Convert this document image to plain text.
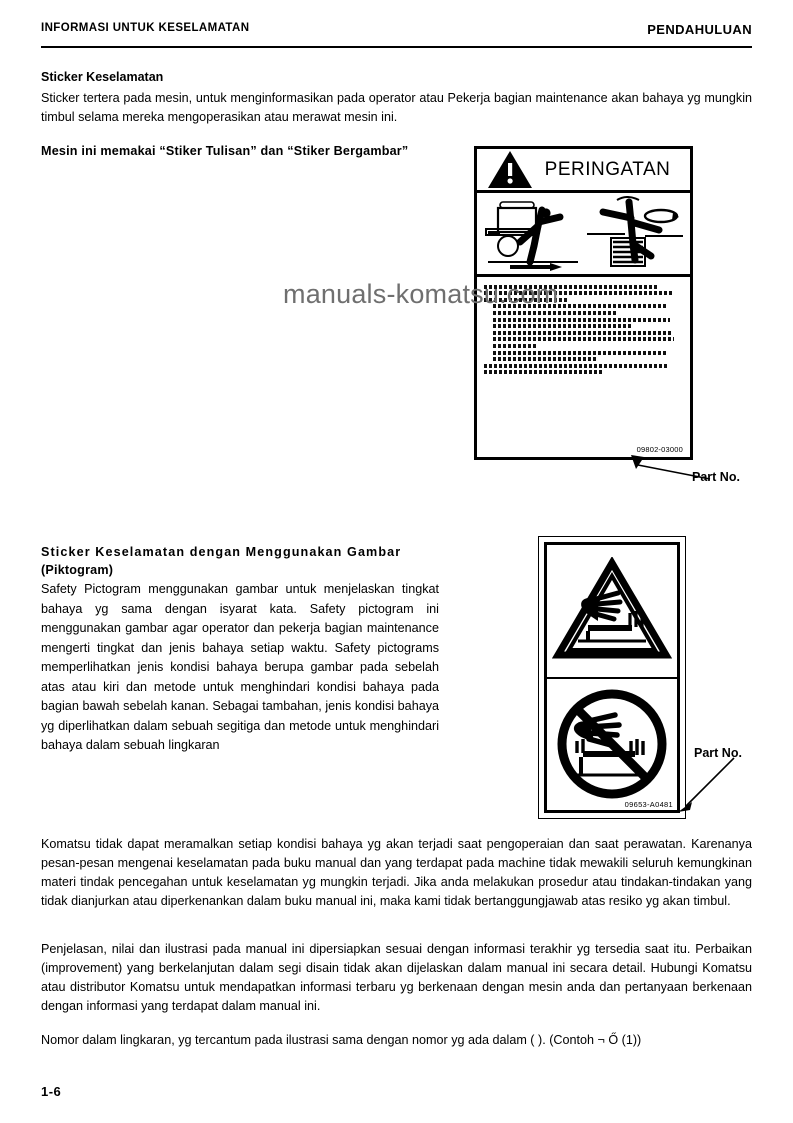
INFORMASI UNTUK KESELAMATAN	PENDAHULUAN
Sticker Keselamatan
Sticker tertera pada mesin, untuk menginformasikan pada operator atau Pekerja bagian maintenance akan bahaya yg mungkin timbul selama mereka mengoperasikan atau merawat mesin ini.
Mesin ini memakai “Stiker Tulisan” dan “Stiker Bergambar”
PERINGATAN
09802-03000
Part No.
Sticker Keselamatan dengan Menggunakan Gambar
(Piktogram)
Safety Pictogram menggunakan gambar untuk menjelaskan tingkat bahaya yg sama dengan isyarat kata. Safety pictogram ini menggunakan gambar agar operator dan pekerja bagian maintenance mengerti tingkat dan jenis bahaya setiap waktu. Safety pictograms memperlihatkan jenis kondisi bahaya berupa gambar pada sebelah atas atau kiri dan metode untuk menghindari kondisi bahaya pada bagian bawah sebelah kanan. Sebagai tambahan, jenis kondisi bahaya yg diperlihatkan dalam sebuah segitiga dan metode untuk menghindari bahaya dalam sebuah lingkaran
09653-A0481
Part No.
Komatsu tidak dapat meramalkan setiap kondisi bahaya yg akan terjadi saat pengoperaian dan saat perawatan. Karenanya pesan-pesan mengenai keselamatan pada buku manual dan yang terdapat pada machine tidak mewakili seluruh kemungkinan materi tindak pencegahan untuk keselamatan yg mungkin terjadi. Jika anda melakukan prosedur atau tindakan-tindakan yang tidak dianjurkan atau diperkenankan dalam buku manual ini, maka kami tidak bertanggungjawab atas resiko yg akan timbul.
Penjelasan, nilai dan ilustrasi pada manual ini dipersiapkan sesuai dengan informasi terakhir yg tersedia saat itu. Perbaikan (improvement) yang berkelanjutan dalam segi disain tidak akan dijelaskan dalam manual ini secara detail. Hubungi Komatsu atau distributor Komatsu untuk mendapatkan informasi terbaru yg berkenaan dengan mesin anda dan pertanyaan berkenaan dengan informasi yang terdapat dalam manual ini.
Nomor dalam lingkaran, yg tercantum pada ilustrasi sama dengan nomor yg ada dalam ( ). (Contoh ¬ Ő (1))
manuals-komatsu.com
1-6
